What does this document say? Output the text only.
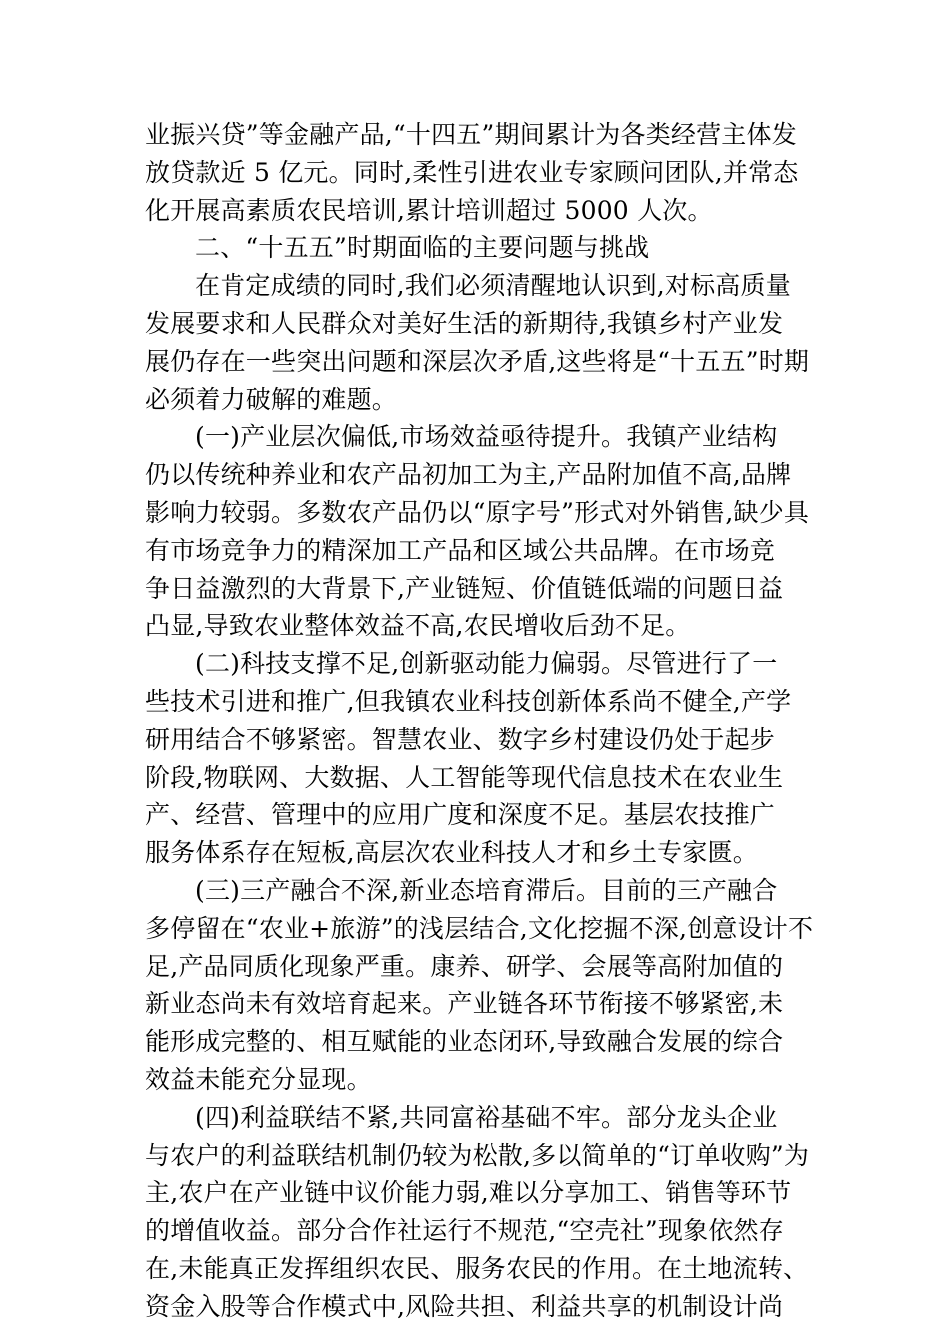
业振兴贷”等金融产品,“十四五”期间累计为各类经营主体发
放贷款近 5 亿元。同时,柔性引进农业专家顾问团队,并常态
化开展高素质农民培训,累计培训超过 5000 人次。
二、“十五五”时期面临的主要问题与挑战
在肯定成绩的同时,我们必须清醒地认识到,对标高质量
发展要求和人民群众对美好生活的新期待,我镇乡村产业发
展仍存在一些突出问题和深层次矛盾,这些将是“十五五”时期
必须着力破解的难题。
(一)产业层次偏低,市场效益亟待提升。我镇产业结构
仍以传统种养业和农产品初加工为主,产品附加值不高,品牌
影响力较弱。多数农产品仍以“原字号”形式对外销售,缺少具
有市场竞争力的精深加工产品和区域公共品牌。在市场竞
争日益激烈的大背景下,产业链短、价值链低端的问题日益
凸显,导致农业整体效益不高,农民增收后劲不足。
(二)科技支撑不足,创新驱动能力偏弱。尽管进行了一
些技术引进和推广,但我镇农业科技创新体系尚不健全,产学
研用结合不够紧密。智慧农业、数字乡村建设仍处于起步
阶段,物联网、大数据、人工智能等现代信息技术在农业生
产、经营、管理中的应用广度和深度不足。基层农技推广
服务体系存在短板,高层次农业科技人才和乡土专家匮。
(三)三产融合不深,新业态培育滞后。目前的三产融合
多停留在“农业+旅游”的浅层结合,文化挖掘不深,创意设计不
足,产品同质化现象严重。康养、研学、会展等高附加值的
新业态尚未有效培育起来。产业链各环节衔接不够紧密,未
能形成完整的、相互赋能的业态闭环,导致融合发展的综合
效益未能充分显现。
(四)利益联结不紧,共同富裕基础不牢。部分龙头企业
与农户的利益联结机制仍较为松散,多以简单的“订单收购”为
主,农户在产业链中议价能力弱,难以分享加工、销售等环节
的增值收益。部分合作社运行不规范,“空壳社”现象依然存
在,未能真正发挥组织农民、服务农民的作用。在土地流转、
资金入股等合作模式中,风险共担、利益共享的机制设计尚
